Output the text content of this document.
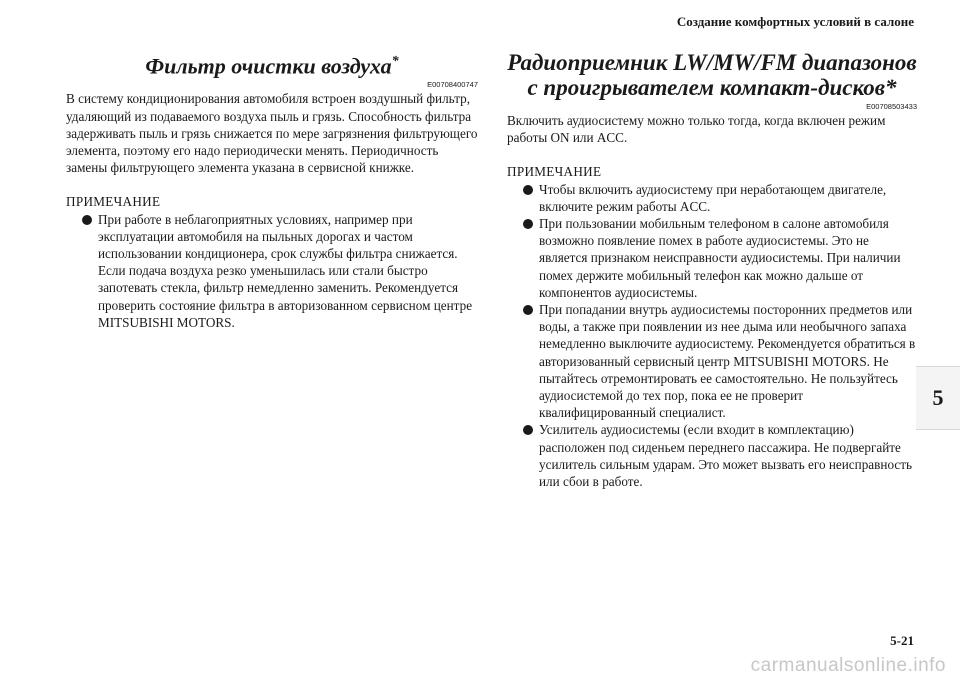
Создание комфортных условий в салоне
Фильтр очистки воздуха*
E00708400747

В систему кондиционирования автомобиля встроен воздушный фильтр, удаляющий из подаваемого воздуха пыль и грязь. Способность фильтра задерживать пыль и грязь снижается по мере загрязнения фильтрующего элемента, поэтому его надо периодически менять. Периодичность замены фильтрующего элемента указана в сервисной книжке.

ПРИМЕЧАНИЕ

При работе в неблагоприятных условиях, например при эксплуатации автомобиля на пыльных дорогах и частом использовании кондиционера, срок службы фильтра снижается. Если подача воздуха резко уменьшилась или стали быстро запотевать стекла, фильтр немедленно заменить. Рекомендуется проверить состояние фильтра в авторизованном сервисном центре MITSUBISHI MOTORS.
Радиоприемник LW/MW/FM диапазонов
с проигрывателем компакт-дисков*
E00708503433

Включить аудиосистему можно только тогда, когда включен режим работы ON или ACC.

ПРИМЕЧАНИЕ

Чтобы включить аудиосистему при неработающем двигателе, включите режим работы ACC.
При пользовании мобильным телефоном в салоне автомобиля возможно появление помех в работе аудиосистемы. Это не является признаком неисправности аудиосистемы. При наличии помех держите мобильный телефон как можно дальше от компонентов аудиосистемы.
При попадании внутрь аудиосистемы посторонних предметов или воды, а также при появлении из нее дыма или необычного запаха немедленно выключите аудиосистему. Рекомендуется обратиться в авторизованный сервисный центр MITSUBISHI MOTORS. Не пытайтесь отремонтировать ее самостоятельно. Не пользуйтесь аудиосистемой до тех пор, пока ее не проверит квалифицированный специалист.
Усилитель аудиосистемы (если входит в комплектацию) расположен под сиденьем переднего пассажира. Не подвергайте усилитель сильным ударам. Это может вызвать его неисправность или сбои в работе.
5
5-21
carmanualsonline.info
